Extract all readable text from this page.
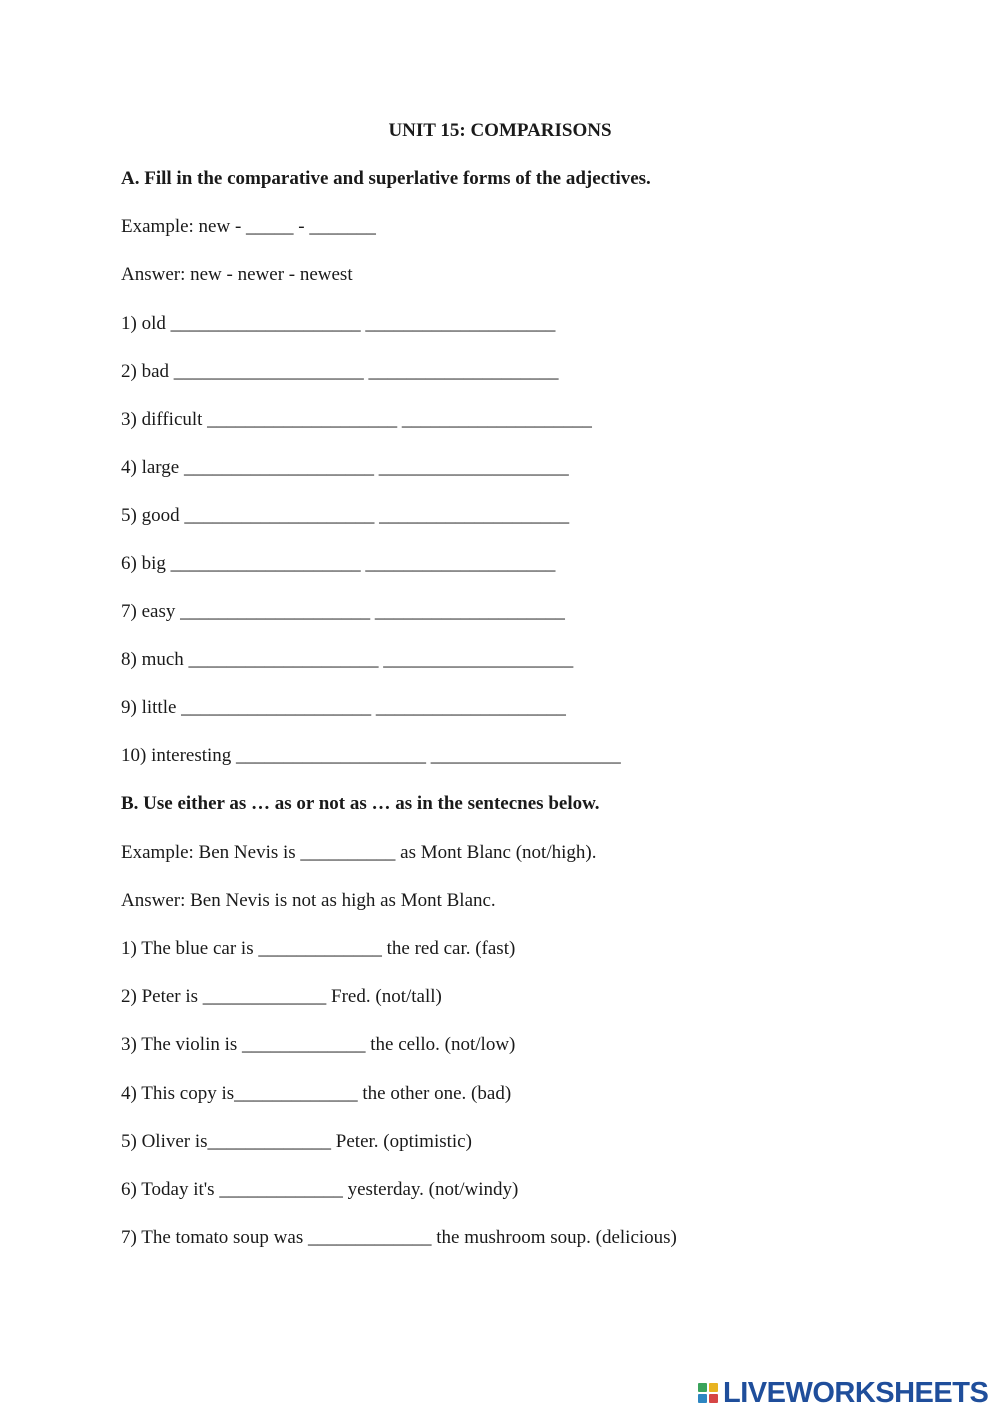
UNIT 15: COMPARISONS
A. Fill in the comparative and superlative forms of the adjectives.
Example: new - _____ - _______
Answer: new - newer - newest
1) old ____________________ ____________________
2) bad ____________________ ____________________
3) difficult ____________________ ____________________
4) large ____________________ ____________________
5) good ____________________ ____________________
6) big ____________________ ____________________
7) easy ____________________ ____________________
8) much ____________________ ____________________
9) little ____________________ ____________________
10) interesting ____________________ ____________________
B. Use either as … as or not as … as in the sentecnes below.
Example: Ben Nevis is __________ as Mont Blanc (not/high).
Answer: Ben Nevis is not as high as Mont Blanc.
1) The blue car is _____________ the red car. (fast)
2) Peter is _____________ Fred. (not/tall)
3) The violin is _____________ the cello. (not/low)
4) This copy is_____________ the other one. (bad)
5) Oliver is_____________ Peter. (optimistic)
6) Today it's _____________ yesterday. (not/windy)
7) The tomato soup was _____________ the mushroom soup. (delicious)
LIVEWORKSHEETS
